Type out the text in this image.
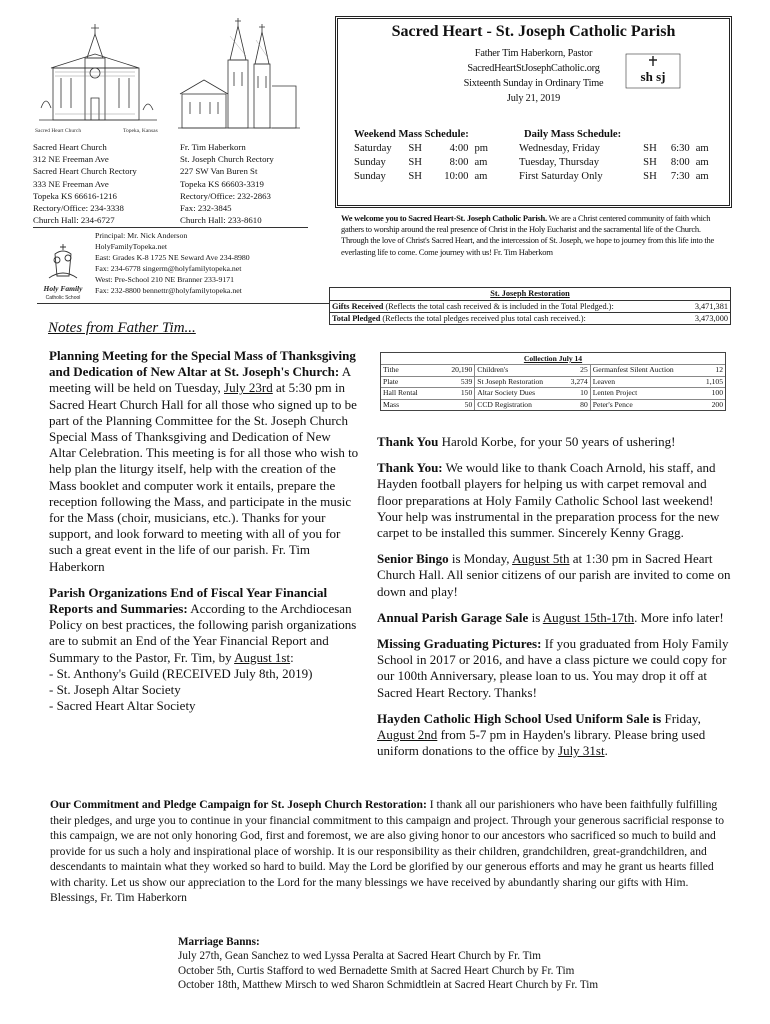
Sacred Heart Church	Topeka, Kansas
Sacred Heart Church
312 NE Freeman Ave
Sacred Heart Church Rectory
333 NE Freeman Ave
Topeka KS 66616-1216
Rectory/Office: 234-3338
Church Hall: 234-6727
Fr. Tim Haberkorn
St. Joseph Church Rectory
227 SW Van Buren St
Topeka KS 66603-3319
Rectory/Office: 232-2863
Fax: 232-3845
Church Hall: 233-8610
Holy Family
Catholic School
Principal: Mr. Nick Anderson
HolyFamilyTopeka.net
East: Grades K-8 1725 NE Seward Ave 234-8980
Fax: 234-6778 singerm@holyfamilytopeka.net
West: Pre-School 210 NE Branner 233-9171
Fax: 232-8800 bennettr@holyfamilytopeka.net
Sacred Heart - St. Joseph Catholic Parish
Father Tim Haberkorn, Pastor
SacredHeartStJosephCatholic.org
Sixteenth Sunday in Ordinary Time
July 21, 2019
sh sj
Weekend Mass Schedule:	Daily Mass Schedule:
Saturday	SH	4:00 pm	Wednesday, Friday	SH	6:30 am
Sunday	SH	8:00 am	Tuesday, Thursday	SH	8:00 am
Sunday	SH	10:00 am	First Saturday Only	SH	7:30 am
We welcome you to Sacred Heart-St. Joseph Catholic Parish. We are a Christ centered community of faith which gathers to worship around the real presence of Christ in the Holy Eucharist and the sacramental life of the Church. Through the love of Christ's Sacred Heart, and the intercession of St. Joseph, we hope to journey from this life into the everlasting life to come. Come journey with us! Fr. Tim Haberkorn
St. Joseph Restoration
Gifts Received (Reflects the total cash received & is included in the Total Pledged.):	3,471,381
Total Pledged (Reflects the total pledges received plus total cash received.):	3,473,000
Collection July 14
Tithe	20,190	Children's	25	Germanfest Silent Auction	12
Plate	539	St Joseph Restoration	3,274	Leaven	1,105
Hall Rental	150	Altar Society Dues	10	Lenten Project	100
Mass	50	CCD Registration	80	Peter's Pence	200
Notes from Father Tim...
Planning Meeting for the Special Mass of Thanksgiving and Dedication of New Altar at St. Joseph's Church: A meeting will be held on Tuesday, July 23rd at 5:30 pm in Sacred Heart Church Hall for all those who signed up to be part of the Planning Committee for the St. Joseph Church Special Mass of Thanksgiving and Dedication of New Altar Celebration. This meeting is for all those who wish to help plan the liturgy itself, help with the creation of the Mass booklet and computer work it entails, prepare the reception following the Mass, and participate in the music for the Mass (choir, musicians, etc.). Thanks for your support, and look forward to meeting with all of you for such a great event in the life of our parish. Fr. Tim Haberkorn
Parish Organizations End of Fiscal Year Financial Reports and Summaries: According to the Archdiocesan Policy on best practices, the following parish organizations are to submit an End of the Year Financial Report and Summary to the Pastor, Fr. Tim, by August 1st:
- St. Anthony's Guild (RECEIVED July 8th, 2019)
- St. Joseph Altar Society
- Sacred Heart Altar Society
Thank You Harold Korbe, for your 50 years of ushering!
Thank You: We would like to thank Coach Arnold, his staff, and Hayden football players for helping us with carpet removal and floor preparations at Holy Family Catholic School last weekend! Your help was instrumental in the preparation process for the new carpet to be installed this summer. Sincerely Kenny Gragg.
Senior Bingo is Monday, August 5th at 1:30 pm in Sacred Heart Church Hall. All senior citizens of our parish are invited to come on down and play!
Annual Parish Garage Sale is August 15th-17th. More info later!
Missing Graduating Pictures: If you graduated from Holy Family School in 2017 or 2016, and have a class picture we could copy for our 100th Anniversary, please loan to us. You may drop it off at Sacred Heart Rectory. Thanks!
Hayden Catholic High School Used Uniform Sale is Friday, August 2nd from 5-7 pm in Hayden's library. Please bring used uniform donations to the office by July 31st.
Our Commitment and Pledge Campaign for St. Joseph Church Restoration: I thank all our parishioners who have been faithfully fulfilling their pledges, and urge you to continue in your financial commitment to this campaign and project. Through your generous sacrificial response to this campaign, we are not only honoring God, first and foremost, we are also giving honor to our ancestors who sacrificed so much to build and provide for us such a holy and inspirational place of worship. It is our responsibility as their children, grandchildren, great-grandchildren, and descendants to maintain what they worked so hard to build. May the Lord be glorified by our generous efforts and may he grant us hearts filled with charity. Let us show our appreciation to the Lord for the many blessings we have received by abundantly sharing our gifts with Him. Blessings, Fr. Tim Haberkorn
Marriage Banns:
July 27th, Gean Sanchez to wed Lyssa Peralta at Sacred Heart Church by Fr. Tim
October 5th, Curtis Stafford to wed Bernadette Smith at Sacred Heart Church by Fr. Tim
October 18th, Matthew Mirsch to wed Sharon Schmidtlein at Sacred Heart Church by Fr. Tim
